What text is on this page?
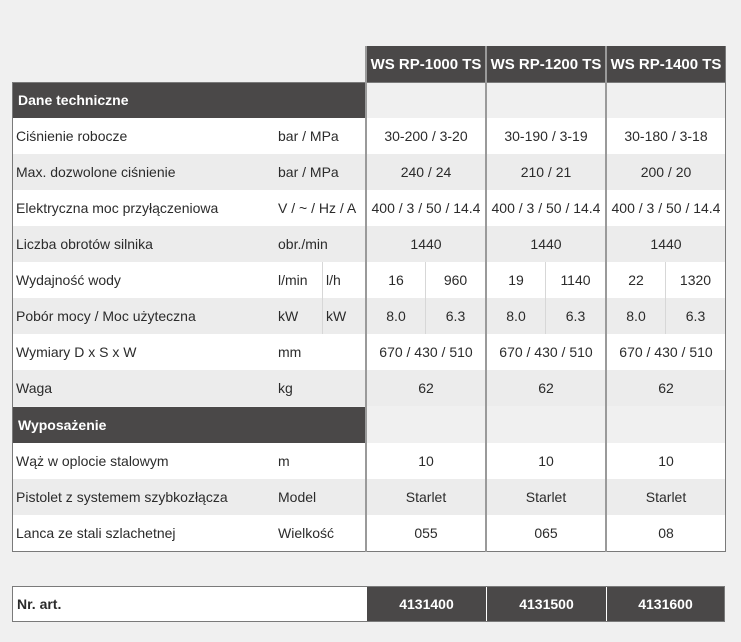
WS RP-1000 TS WS RP-1200 TS WS RP-1400 TS
Dane techniczne
Ciśnienie robocze	bar / MPa	30-200 / 3-20	30-190 / 3-19	30-180 / 3-18
Max. dozwolone ciśnienie	bar / MPa	240 / 24	210 / 21	200 / 20
Elektryczna moc przyłączeniowa	V / ~ / Hz / A	400 / 3 / 50 / 14.4 400 / 3 / 50 / 14.4 400 / 3 / 50 / 14.4
Liczba obrotów silnika	obr./min	1440	1440	1440
Wydajność wody	l/min l/h	16	960	19	1140	22	1320
Pobór mocy / Moc użyteczna	kW kW	8.0	6.3	8.0	6.3	8.0	6.3
Wymiary D x S x W	mm	670 / 430 / 510	670 / 430 / 510	670 / 430 / 510
Waga	kg	62	62	62
Wyposażenie
Wąż w oplocie stalowym	m	10	10	10
Pistolet z systemem szybkozłącza	Model	Starlet	Starlet	Starlet
Lanca ze stali szlachetnej	Wielkość	055	065	08
Nr. art.	4131400	4131500	4131600
